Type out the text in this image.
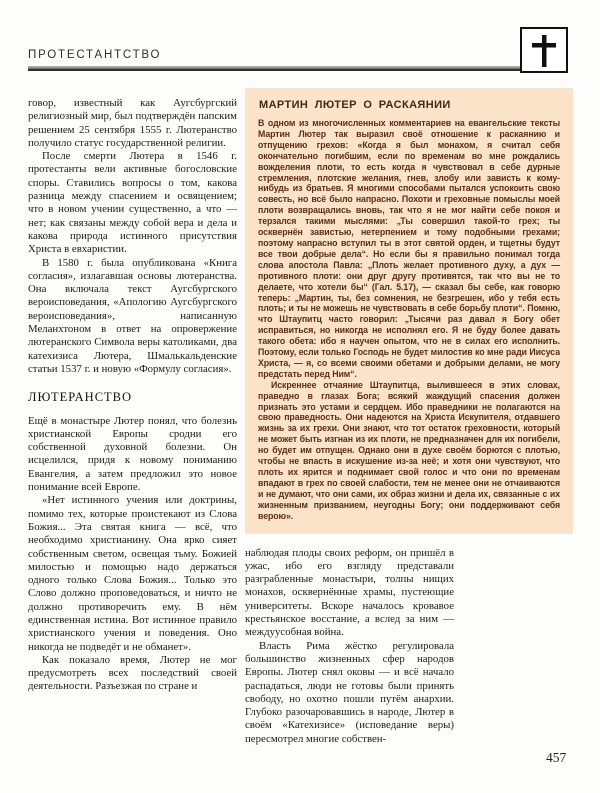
ПРОТЕСТАНТСТВО

говор, известный как Аугсбургский религиозный мир, был подтверждён папским решением 25 сентября 1555 г. Лютеранство получило статус государственной религии.

После смерти Лютера в 1546 г. протестанты вели активные богословские споры. Ставились вопросы о том, какова разница между спасением и освящением; что в новом учении существенно, а что — нет; как связаны между собой вера и дела и какова природа истинного присутствия Христа в евхаристии.

В 1580 г. была опубликована «Книга согласия», излагавшая основы лютеранства. Она включала текст Аугсбургского вероисповедания, «Апологию Аугсбургского вероисповедания», написанную Меланхтоном в ответ на опровержение лютеранского Символа веры католиками, два катехизиса Лютера, Шмалькальденские статьи 1537 г. и новую «Формулу согласия».

ЛЮТЕРАНСТВО

Ещё в монастыре Лютер понял, что болезнь христианской Европы сродни его собственной духовной болезни. Он исцелился, придя к новому пониманию Евангелия, а затем предложил это новое понимание всей Европе.

«Нет истинного учения или доктрины, помимо тех, которые проистекают из Слова Божия... Эта святая книга — всё, что необходимо христианину. Она ярко сияет собственным светом, освещая тьму. Божией милостью и помощью надо держаться одного только Слова Божия... Только это Слово должно проповедоваться, и ничто не должно противоречить ему. В нём единственная истина. Вот истинное правило христианского учения и поведения. Оно никогда не подведёт и не обманет».

Как показало время, Лютер не мог предусмотреть всех последствий своей деятельности. Разъезжая по стране и

МАРТИН ЛЮТЕР О РАСКАЯНИИ

В одном из многочисленных комментариев на евангельские тексты Мартин Лютер так выразил своё отношение к раскаянию и отпущению грехов: «Когда я был монахом, я считал себя окончательно погибшим, если по временам во мне рождались вожделения плоти, то есть когда я чувствовал в себе дурные стремления, плотские желания, гнев, злобу или зависть к кому-нибудь из братьев. Я многими способами пытался успокоить свою совесть, но всё было напрасно. Похоти и греховные помыслы моей плоти возвращались вновь, так что я не мог найти себе покоя и терзался такими мыслями: „Ты совершил такой-то грех; ты осквернён завистью, нетерпением и тому подобными грехами; поэтому напрасно вступил ты в этот святой орден, и тщетны будут все твои добрые дела“. Но если бы я правильно понимал тогда слова апостола Павла: „Плоть желает противного духу, а дух — противного плоти: они друг другу противятся, так что вы не то делаете, что хотели бы“ (Гал. 5.17), — сказал бы себе, как говорю теперь: „Мартин, ты, без сомнения, не безгрешен, ибо у тебя есть плоть; и ты не можешь не чувствовать в себе борьбу плоти“. Помню, что Штаупитц часто говорил: „Тысячи раз давал я Богу обет исправиться, но никогда не исполнял его. Я не буду более давать такого обета: ибо я научен опытом, что не в силах его исполнить. Поэтому, если только Господь не будет милостив ко мне ради Иисуса Христа, — я, со всеми своими обетами и добрыми делами, не могу предстать перед Ним“.

Искреннее отчаяние Штаупитца, вылившееся в этих словах, праведно в глазах Бога; всякий жаждущий спасения должен признать это устами и сердцем. Ибо праведники не полагаются на свою праведность. Они надеются на Христа Искупителя, отдавшего жизнь за их грехи. Они знают, что тот остаток греховности, который не может быть изгнан из их плоти, не предназначен для их погибели, но будет им отпущен. Однако они в духе своём борются с плотью, чтобы не впасть в искушение из-за неё; и хотя они чувствуют, что плоть их ярится и поднимает свой голос и что они по временам впадают в грех по своей слабости, тем не менее они не отчаиваются и не думают, что они сами, их образ жизни и дела их, связанные с их жизненным призванием, неугодны Богу; они поддерживают себя верою».

наблюдая плоды своих реформ, он пришёл в ужас, ибо его взгляду представали разграбленные монастыри, толпы нищих монахов, осквернённые храмы, пустеющие университеты. Вскоре началось кровавое крестьянское восстание, а вслед за ним — междуусобная война.

Власть Рима жёстко регулировала большинство жизненных сфер народов Европы. Лютер снял оковы — и всё начало распадаться, люди не готовы были принять свободу, но охотно пошли путём анархии. Глубоко разочаровавшись в народе, Лютер в своём «Катехизисе» (исповедание веры) пересмотрел многие собствен-

457
